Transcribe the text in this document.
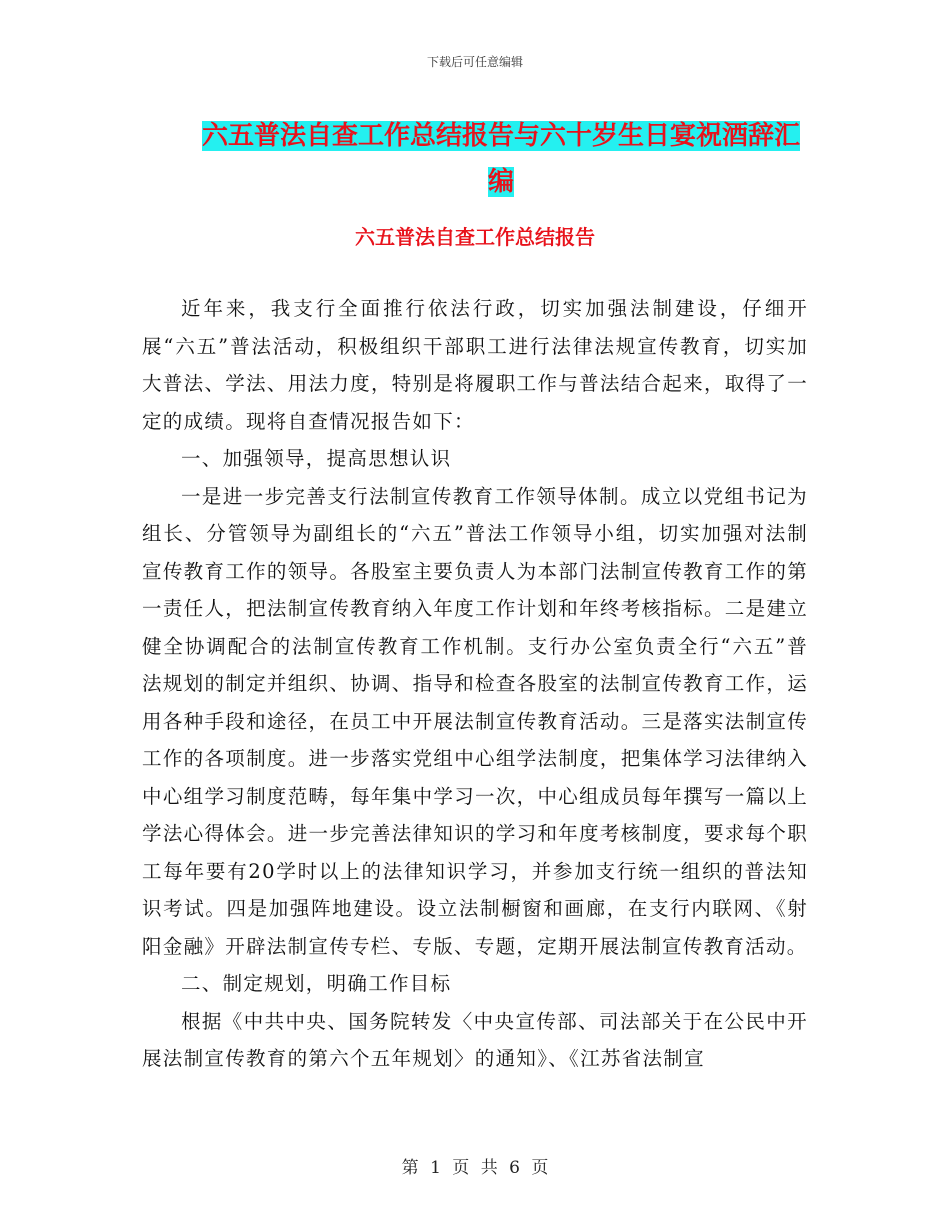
下载后可任意编辑
六五普法自查工作总结报告与六十岁生日宴祝酒辞汇
编
六五普法自查工作总结报告

近年来，我支行全面推行依法行政，切实加强法制建设，仔细开展“六五”普法活动，积极组织干部职工进行法律法规宣传教育，切实加大普法、学法、用法力度，特别是将履职工作与普法结合起来，取得了一定的成绩。现将自查情况报告如下：

一、加强领导，提高思想认识

一是进一步完善支行法制宣传教育工作领导体制。成立以党组书记为组长、分管领导为副组长的“六五”普法工作领导小组，切实加强对法制宣传教育工作的领导。各股室主要负责人为本部门法制宣传教育工作的第一责任人，把法制宣传教育纳入年度工作计划和年终考核指标。二是建立健全协调配合的法制宣传教育工作机制。支行办公室负责全行“六五”普法规划的制定并组织、协调、指导和检查各股室的法制宣传教育工作，运用各种手段和途径，在员工中开展法制宣传教育活动。三是落实法制宣传工作的各项制度。进一步落实党组中心组学法制度，把集体学习法律纳入中心组学习制度范畴，每年集中学习一次，中心组成员每年撰写一篇以上学法心得体会。进一步完善法律知识的学习和年度考核制度，要求每个职工每年要有20学时以上的法律知识学习，并参加支行统一组织的普法知识考试。四是加强阵地建设。设立法制橱窗和画廊，在支行内联网、《射阳金融》开辟法制宣传专栏、专版、专题，定期开展法制宣传教育活动。

二、制定规划，明确工作目标

根据《中共中央、国务院转发〈中央宣传部、司法部关于在公民中开展法制宣传教育的第六个五年规划〉的通知》、《江苏省法制宣

第 1 页 共 6 页
